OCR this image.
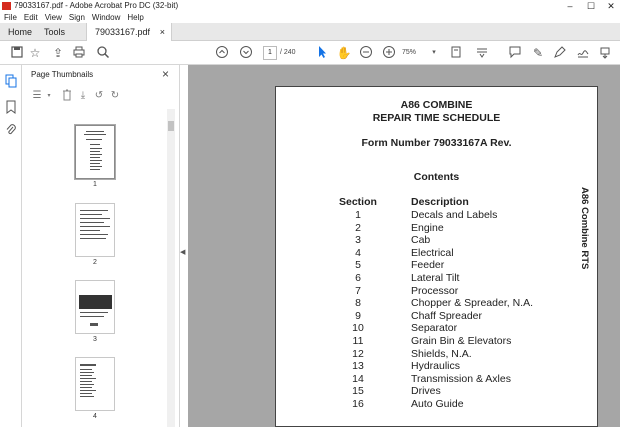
79033167.pdf - Adobe Acrobat Pro DC (32-bit)	–	☐	✕
File Edit View Sign Window Help
Home	Tools	79033167.pdf ×
☆ ⇪	1	/ 240	✋	75%	▾	✎
Page Thumbnails	×
☰	▾	⤓ ↺ ↻
1
2
3
4
◀
A86 COMBINE
REPAIR TIME SCHEDULE
Form Number 79033167A Rev.
Contents
A86 Combine RTS
Section	Description
1	Decals and Labels
2	Engine
3	Cab
4	Electrical
5	Feeder
6	Lateral Tilt
7	Processor
8	Chopper & Spreader, N.A.
9	Chaff Spreader
10	Separator
11	Grain Bin & Elevators
12	Shields, N.A.
13	Hydraulics
14	Transmission & Axles
15	Drives
16	Auto Guide
